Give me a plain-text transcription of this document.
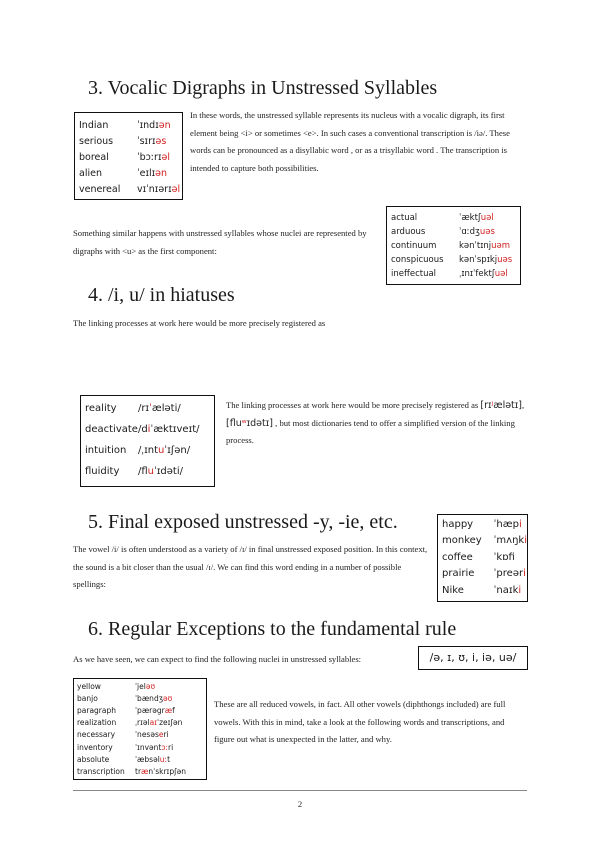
3. Vocalic Digraphs in Unstressed Syllables
Indian	ˈɪndɪən
serious	ˈsɪrɪəs
boreal	ˈbɔːrɪəl
alien	ˈeɪlɪən
venereal	vɪˈnɪərɪəl
In these words, the unstressed syllable represents its nucleus with a vocalic digraph, its first element being <i> or sometimes <e>. In such cases a conventional transcription is /iə/. These words can be pronounced as a disyllabic word , or as a trisyllabic word . The transcription is intended to capture both possibilities.
actual	ˈæktʃuəl
arduous	ˈɑːdʒuəs
continuum	kənˈtɪnjuəm
conspicuous	kənˈspɪkjuəs
ineffectual	ˌɪnɪˈfektʃuəl
Something similar happens with unstressed syllables whose nuclei are represented by digraphs with <u> as the first component:
4. /i, u/ in hiatuses
The linking processes at work here would be more precisely registered as
reality	/rɪˈæləti/
deactivate	/diˈæktɪveɪt/
intuition	/ˌɪntuˈɪʃən/
fluidity	/fluˈɪdəti/
The linking processes at work here would be more precisely registered as [rɪʲælətɪ], [fluʷɪdətɪ] , but most dictionaries tend to offer a simplified version of the linking process.
5. Final exposed unstressed -y, -ie, etc.	happy	ˈhæpi
monkey	ˈmʌŋki
coffee	ˈkɒf
prairie	ˈpreəri
Nike	ˈnaɪki
The vowel /i/ is often understood as a variety of /ɪ/ in final unstressed exposed position. In this context, the sound is a bit closer than the usual /ɪ/. We can find this word ending in a number of possible spellings:
6. Regular Exceptions to the fundamental rule
As we have seen, we can expect to find the following nuclei in unstressed syllables:	/ə, ɪ, ʊ, i, iə, uə/
yellow	ˈjeləʊ
banjo	ˈbændʒəʊ
paragraph	ˈpærəgræf
realization	ˌrɪəlaɪˈzeɪʃən
necessary	ˈnesəseri
inventory	ˈɪnvəntɔːri
absolute	ˈæbsəluːt
transcription	trænˈskrɪpʃən
These are all reduced vowels, in fact. All other vowels (diphthongs included) are full vowels. With this in mind, take a look at the following words and transcriptions, and figure out what is unexpected in the latter, and why.
2
